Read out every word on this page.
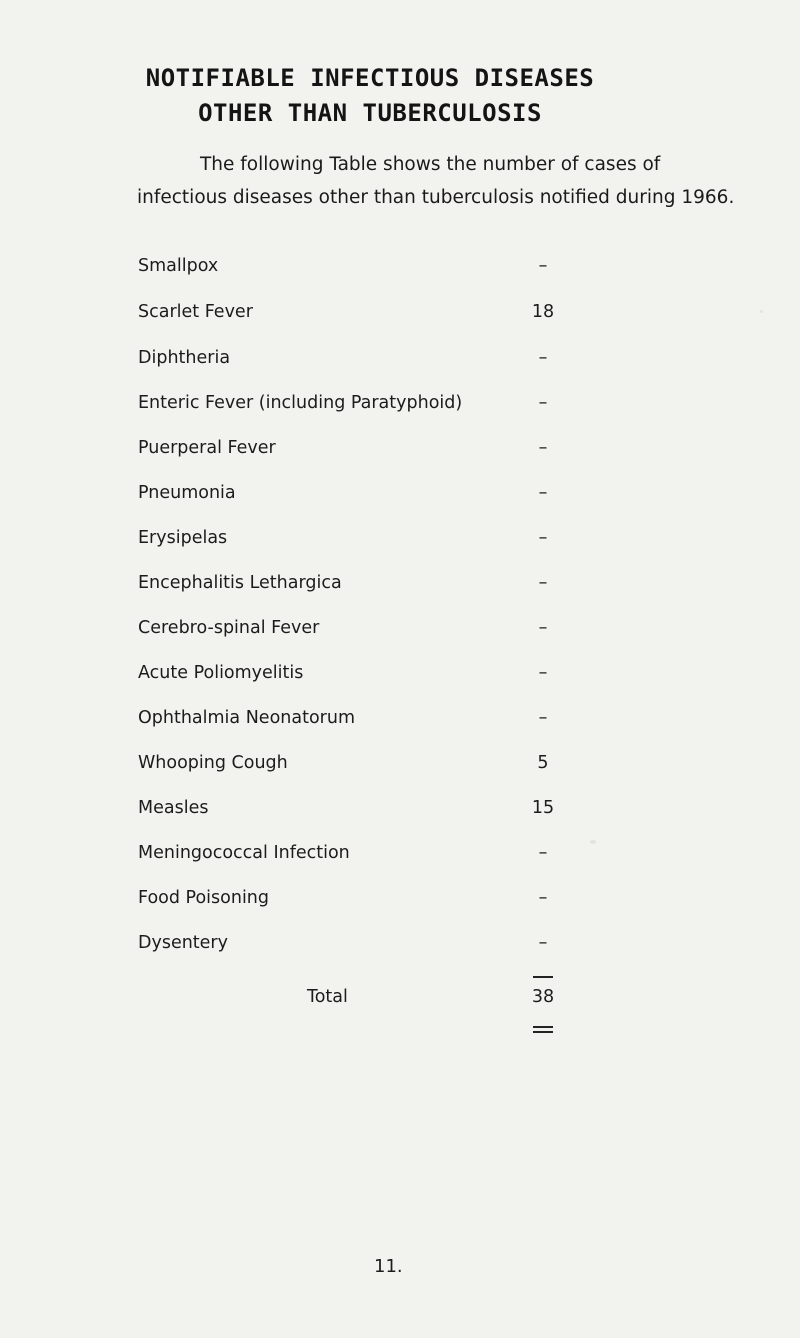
NOTIFIABLE INFECTIOUS DISEASES
OTHER THAN TUBERCULOSIS

The following Table shows the number of cases of

infectious diseases other than tuberculosis notified during 1966.

Smallpox	–
Scarlet Fever	18
Diphtheria	–
Enteric Fever (including Paratyphoid)	–
Puerperal Fever	–
Pneumonia	–
Erysipelas	–
Encephalitis Lethargica	–
Cerebro-spinal Fever	–
Acute Poliomyelitis	–
Ophthalmia Neonatorum	–
Whooping Cough	5
Measles	15
Meningococcal Infection	–
Food Poisoning	–
Dysentery	–
Total	38
11.
